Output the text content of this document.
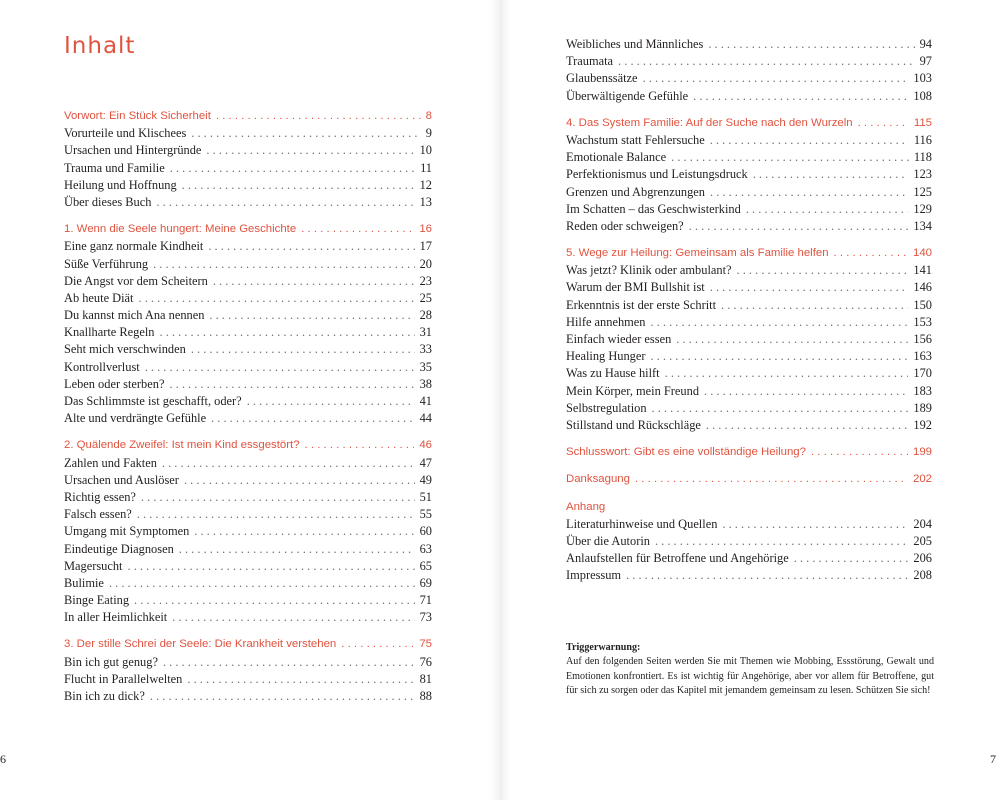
Inhalt
Vorwort: Ein Stück Sicherheit . . .	8
Vorurteile und Klischees . . .	9
Ursachen und Hintergründe . . .	10
Trauma und Familie . . .	11
Heilung und Hoffnung . . .	12
Über dieses Buch . . .	13
1. Wenn die Seele hungert: Meine Geschichte . . .	16
Eine ganz normale Kindheit . . .	17
Süße Verführung . . .	20
Die Angst vor dem Scheitern . . .	23
Ab heute Diät . . .	25
Du kannst mich Ana nennen . . .	28
Knallharte Regeln . . .	31
Seht mich verschwinden . . .	33
Kontrollverlust . . .	35
Leben oder sterben? . . .	38
Das Schlimmste ist geschafft, oder? . . .	41
Alte und verdrängte Gefühle . . .	44
2. Quälende Zweifel: Ist mein Kind essgestört? . . .	46
Zahlen und Fakten . . .	47
Ursachen und Auslöser . . .	49
Richtig essen? . . .	51
Falsch essen? . . .	55
Umgang mit Symptomen . . .	60
Eindeutige Diagnosen . . .	63
Magersucht . . .	65
Bulimie . . .	69
Binge Eating . . .	71
In aller Heimlichkeit . . .	73
3. Der stille Schrei der Seele: Die Krankheit verstehen . . .	75
Bin ich gut genug? . . .	76
Flucht in Parallelwelten . . .	81
Bin ich zu dick? . . .	88
6
Weibliches und Männliches . . .	94
Traumata . . .	97
Glaubenssätze . . .	103
Überwältigende Gefühle . . .	108
4. Das System Familie: Auf der Suche nach den Wurzeln . . .	115
Wachstum statt Fehlersuche . . .	116
Emotionale Balance . . .	118
Perfektionismus und Leistungsdruck . . .	123
Grenzen und Abgrenzungen . . .	125
Im Schatten – das Geschwisterkind . . .	129
Reden oder schweigen? . . .	134
5. Wege zur Heilung: Gemeinsam als Familie helfen . . .	140
Was jetzt? Klinik oder ambulant? . . .	141
Warum der BMI Bullshit ist . . .	146
Erkenntnis ist der erste Schritt . . .	150
Hilfe annehmen . . .	153
Einfach wieder essen . . .	156
Healing Hunger . . .	163
Was zu Hause hilft . . .	170
Mein Körper, mein Freund . . .	183
Selbstregulation . . .	189
Stillstand und Rückschläge . . .	192
Schlusswort: Gibt es eine vollständige Heilung? . . .	199
Danksagung . . .	202
Anhang
Literaturhinweise und Quellen . . .	204
Über die Autorin . . .	205
Anlaufstellen für Betroffene und Angehörige . . .	206
Impressum . . .	208
Triggerwarnung:
Auf den folgenden Seiten werden Sie mit Themen wie Mobbing, Essstörung, Gewalt und Emotionen konfrontiert. Es ist wichtig für Angehörige, aber vor allem für Betroffene, gut für sich zu sorgen oder das Kapitel mit jemandem gemeinsam zu lesen. Schützen Sie sich!
7
